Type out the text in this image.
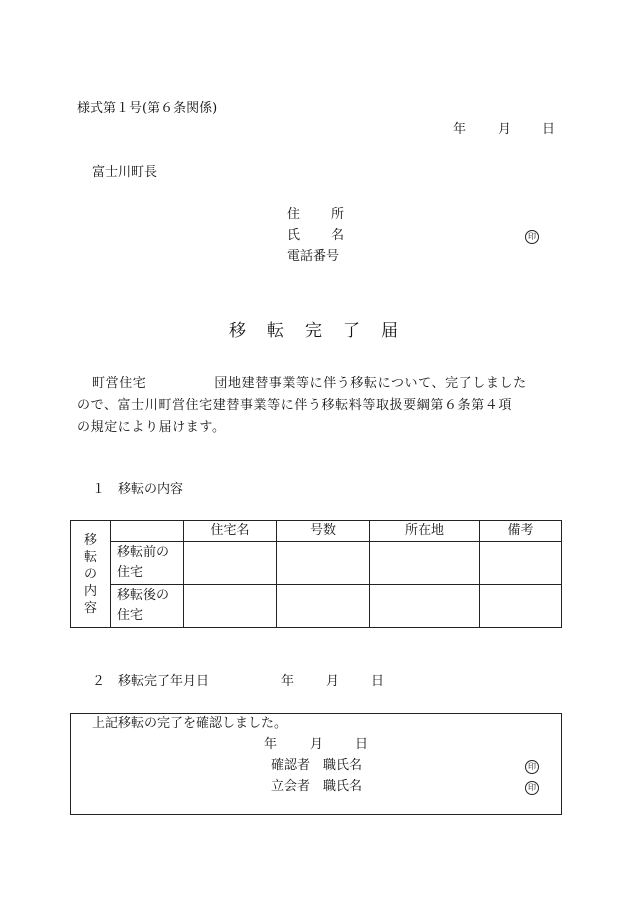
様式第１号(第６条関係)
年 月 日
富士川町長
住 所
氏 名	印
電話番号
移 転 完 了 届
町営住宅　　　　　団地建替事業等に伴う移転について、完了しました
ので、富士川町営住宅建替事業等に伴う移転料等取扱要綱第６条第４項
の規定により届けます。
１　移転の内容
移
転
の
内
容		住宅名	号数	所在地	備考

	移転前の
住宅				

	移転後の
住宅				

２　移転完了年月日	年 月 日
上記移転の完了を確認しました。
年	月 日
確認者　職氏名	印
立会者　職氏名	印
